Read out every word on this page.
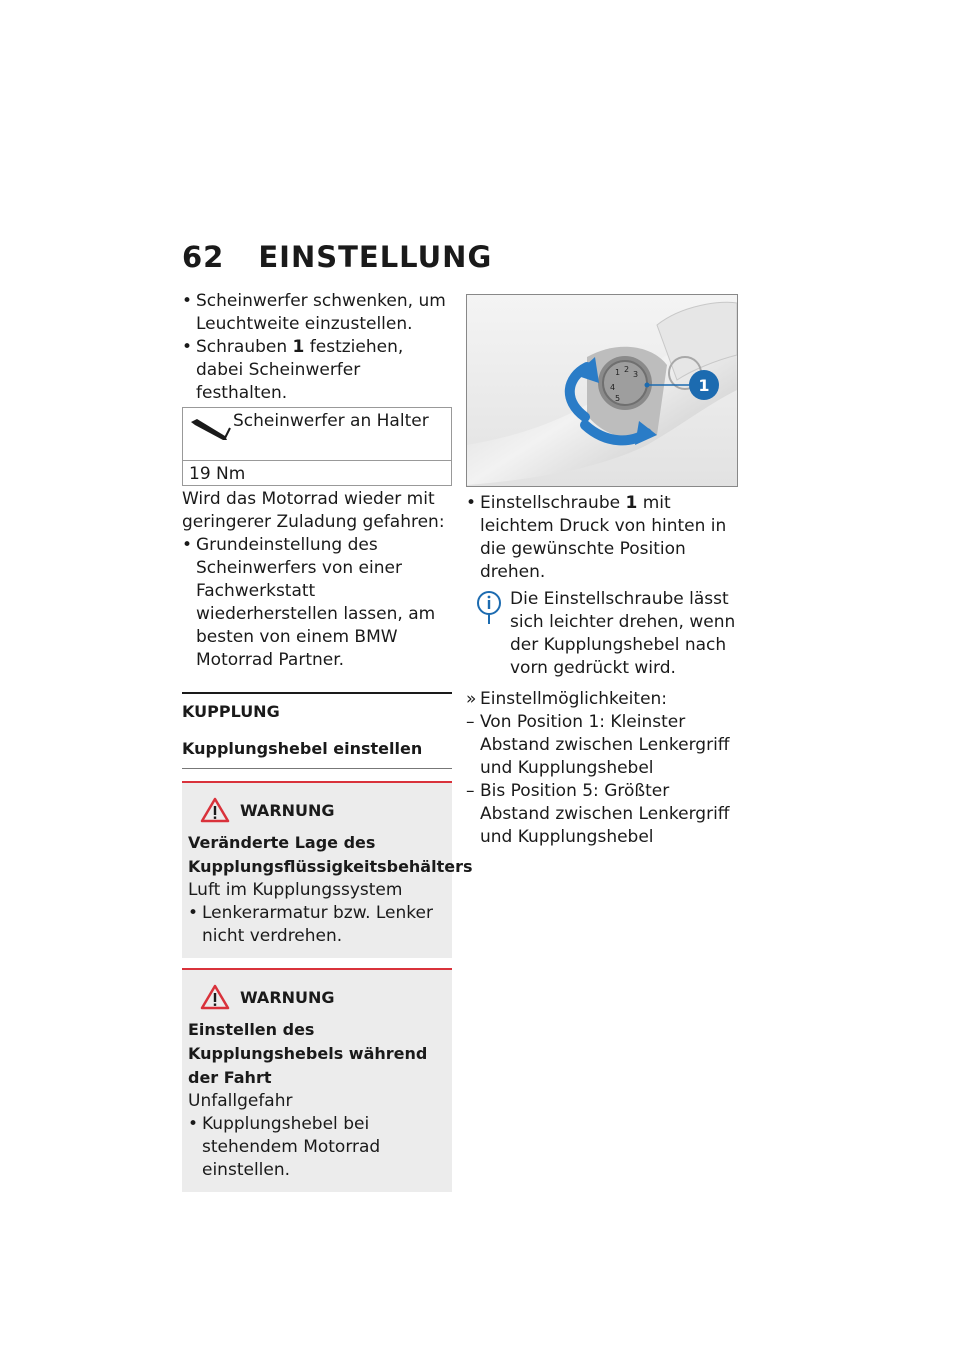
62 EINSTELLUNG
• Scheinwerfer schwenken, um Leuchtweite einzustellen.
• Schrauben 1 festziehen, dabei Scheinwerfer festhalten.
Scheinwerfer an Halter
19 Nm
Wird das Motorrad wieder mit geringerer Zuladung gefahren:
• Grundeinstellung des Scheinwerfers von einer Fachwerkstatt wiederherstellen lassen, am besten von einem BMW Motorrad Partner.
KUPPLUNG
Kupplungshebel einstellen
WARNUNG
Veränderte Lage des Kupplungsflüssigkeitsbehälters
Luft im Kupplungssystem
• Lenkerarmatur bzw. Lenker nicht verdrehen.
WARNUNG
Einstellen des Kupplungshebels während der Fahrt
Unfallgefahr
• Kupplungshebel bei stehendem Motorrad einstellen.
1 2
3
4
5
1
• Einstellschraube 1 mit leichtem Druck von hinten in die gewünschte Position drehen.
Die Einstellschraube lässt sich leichter drehen, wenn der Kupplungshebel nach vorn gedrückt wird.
» Einstellmöglichkeiten:
– Von Position 1: Kleinster Abstand zwischen Lenkergriff und Kupplungshebel
– Bis Position 5: Größter Abstand zwischen Lenkergriff und Kupplungshebel
